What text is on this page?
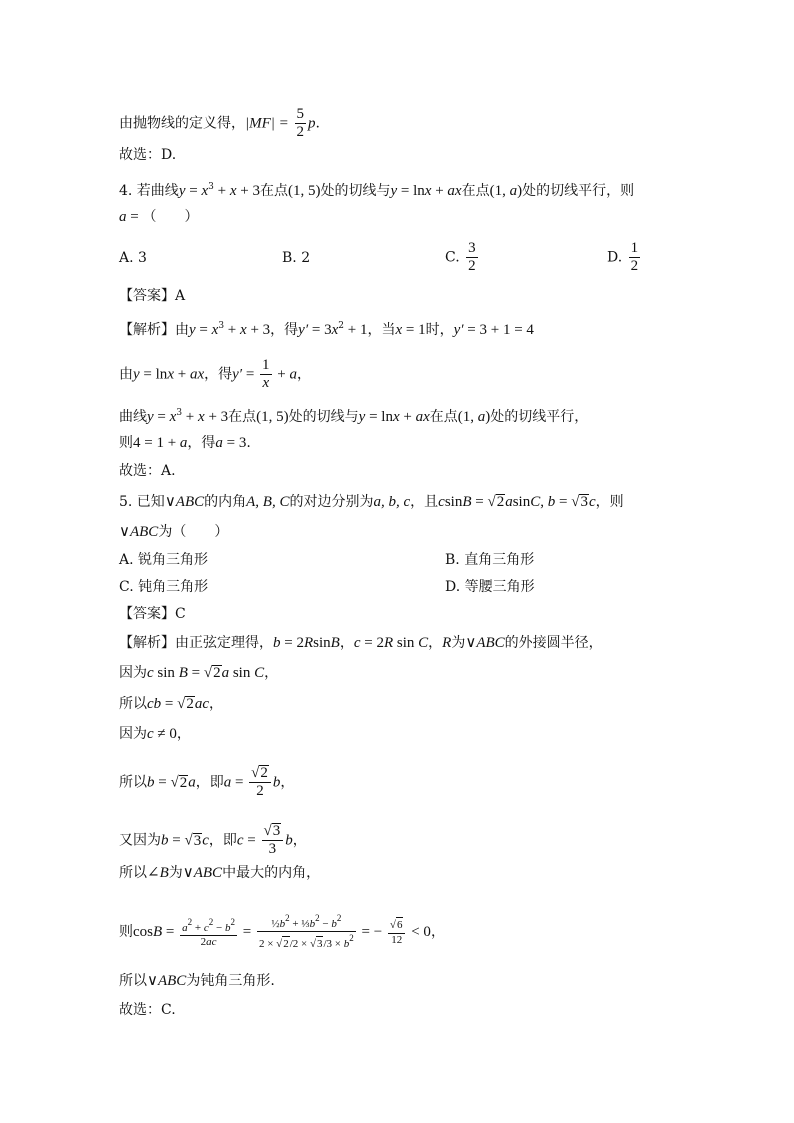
由抛物线的定义得，$|MF| = \frac{5}{2} p$.
故选：D.
4. 若曲线$y = x^3 + x + 3$在点(1, 5)处的切线与y = lnx + ax在点(1, a)处的切线平行，则
a = （　　）
A. 3	B. 2	C. $\frac{3}{2}$	D. $\frac{1}{2}$
【答案】A
【解析】由$y = x^3 + x + 3$，得$y' = 3x^2 + 1$，当x = 1时，y′ = 3 + 1 = 4
由y = lnx + ax，得$y' = \frac{1}{x} + a$，
曲线$y = x^3 + x + 3$在点(1, 5)处的切线与y = lnx + ax在点(1, a)处的切线平行，
则4 = 1 + a，得a = 3.
故选：A.
5. 已知∨ABC的内角A, B, C的对边分别为a, b, c，且csinB = √2asinC, b = √3c，则
∨ABC为（　　）
A. 锐角三角形	B. 直角三角形
C. 钝角三角形	D. 等腰三角形
【答案】C
【解析】由正弦定理得，b = 2RsinB，c = 2R sin C，R为∨ABC的外接圆半径，
因为c sin B = √2a sin C，
所以cb = √2ac，
因为c ≠ 0，
所以b = √2a，即$a = \frac{√2}{2}$ b，
又因为b = √3c，即$c = \frac{√3}{3}$ b，
所以∠B为∨ABC中最大的内角，
则$\cos B = \frac{a^2 + c^2 - b^2}{2ac} = \frac{\frac{1}{2}b^2 + \frac{1}{3}b^2 - b^2}{2 \times √2/2 \times √3/3 \times b^2}$ = − $\frac{√6}{12} < 0$，
所以∨ABC为钝角三角形.
故选：C.
